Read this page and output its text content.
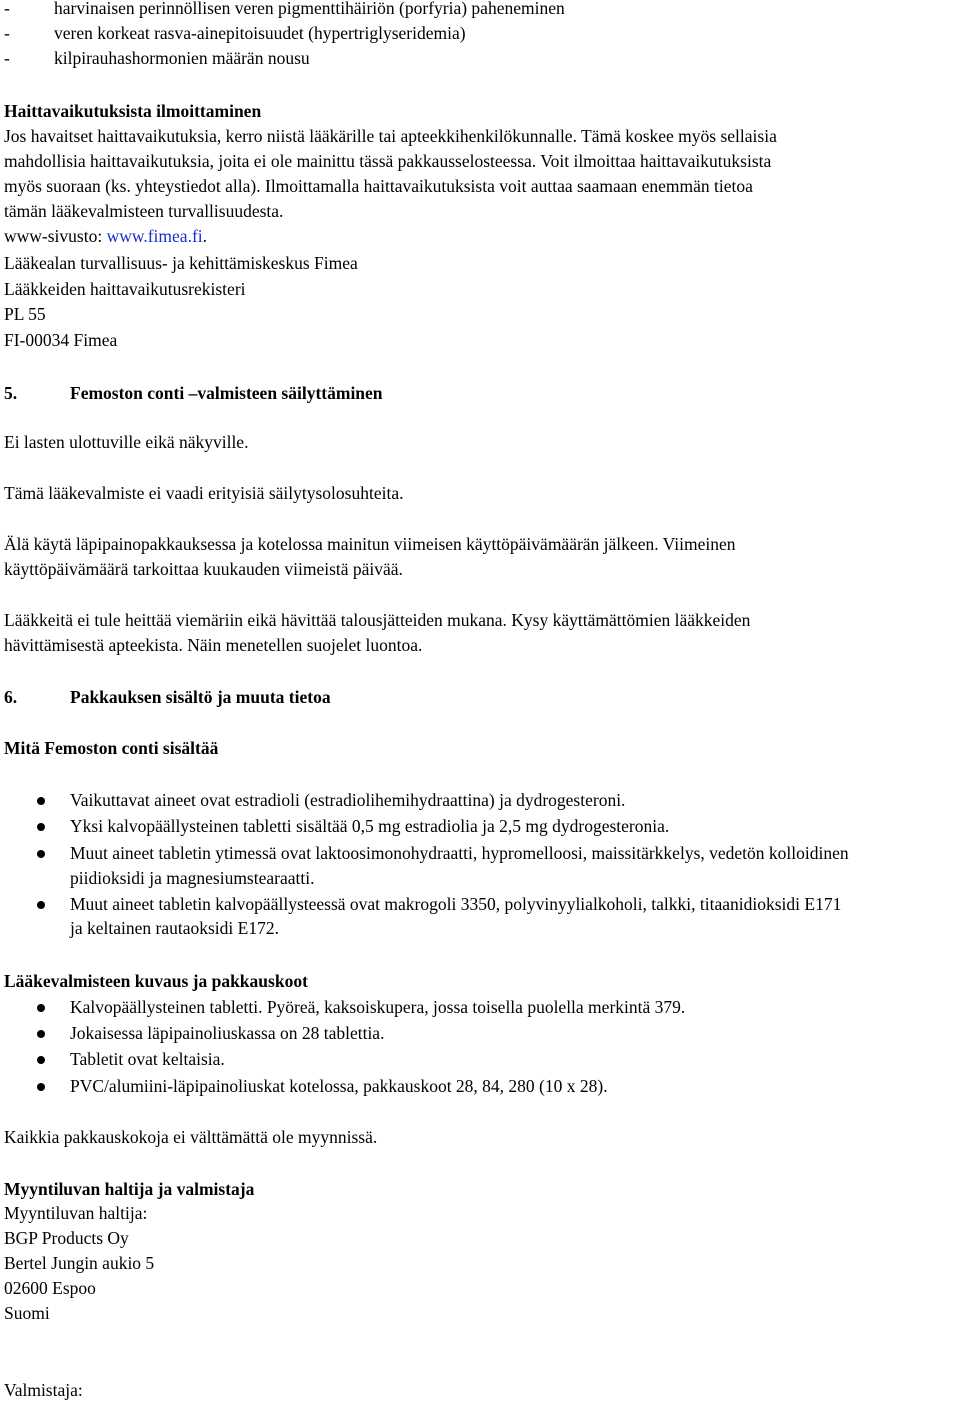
-	harvinaisen perinnöllisen veren pigmenttihäiriön (porfyria) paheneminen
-	veren korkeat rasva-ainepitoisuudet (hypertriglyseridemia)
-	kilpirauhashormonien määrän nousu
Haittavaikutuksista ilmoittaminen
Jos havaitset haittavaikutuksia, kerro niistä lääkärille tai apteekkihenkilökunnalle. Tämä koskee myös sellaisia
mahdollisia haittavaikutuksia, joita ei ole mainittu tässä pakkausselosteessa. Voit ilmoittaa haittavaikutuksista
myös suoraan (ks. yhteystiedot alla). Ilmoittamalla haittavaikutuksista voit auttaa saamaan enemmän tietoa
tämän lääkevalmisteen turvallisuudesta.
www-sivusto: www.fimea.fi.
Lääkealan turvallisuus- ja kehittämiskeskus Fimea
Lääkkeiden haittavaikutusrekisteri
PL 55
FI-00034 Fimea
5.	Femoston conti –valmisteen säilyttäminen
Ei lasten ulottuville eikä näkyville.
Tämä lääkevalmiste ei vaadi erityisiä säilytysolosuhteita.
Älä käytä läpipainopakkauksessa ja kotelossa mainitun viimeisen käyttöpäivämäärän jälkeen. Viimeinen
käyttöpäivämäärä tarkoittaa kuukauden viimeistä päivää.
Lääkkeitä ei tule heittää viemäriin eikä hävittää talousjätteiden mukana. Kysy käyttämättömien lääkkeiden
hävittämisestä apteekista. Näin menetellen suojelet luontoa.
6.	Pakkauksen sisältö ja muuta tietoa
Mitä Femoston conti sisältää
Vaikuttavat aineet ovat estradioli (estradiolihemihydraattina) ja dydrogesteroni.
Yksi kalvopäällysteinen tabletti sisältää 0,5 mg estradiolia ja 2,5 mg dydrogesteronia.
Muut aineet tabletin ytimessä ovat laktoosimonohydraatti, hypromelloosi, maissitärkkelys, vedetön kolloidinen
piidioksidi ja magnesiumstearaatti.
Muut aineet tabletin kalvopäällysteessä ovat makrogoli 3350, polyvinyylialkoholi, talkki, titaanidioksidi E171
ja keltainen rautaoksidi E172.
Lääkevalmisteen kuvaus ja pakkauskoot
Kalvopäällysteinen tabletti. Pyöreä, kaksoiskupera, jossa toisella puolella merkintä 379.
Jokaisessa läpipainoliuskassa on 28 tablettia.
Tabletit ovat keltaisia.
PVC/alumiini-läpipainoliuskat kotelossa, pakkauskoot 28, 84, 280 (10 x 28).
Kaikkia pakkauskokoja ei välttämättä ole myynnissä.
Myyntiluvan haltija ja valmistaja
Myyntiluvan haltija:
BGP Products Oy
Bertel Jungin aukio 5
02600 Espoo
Suomi
Valmistaja:
